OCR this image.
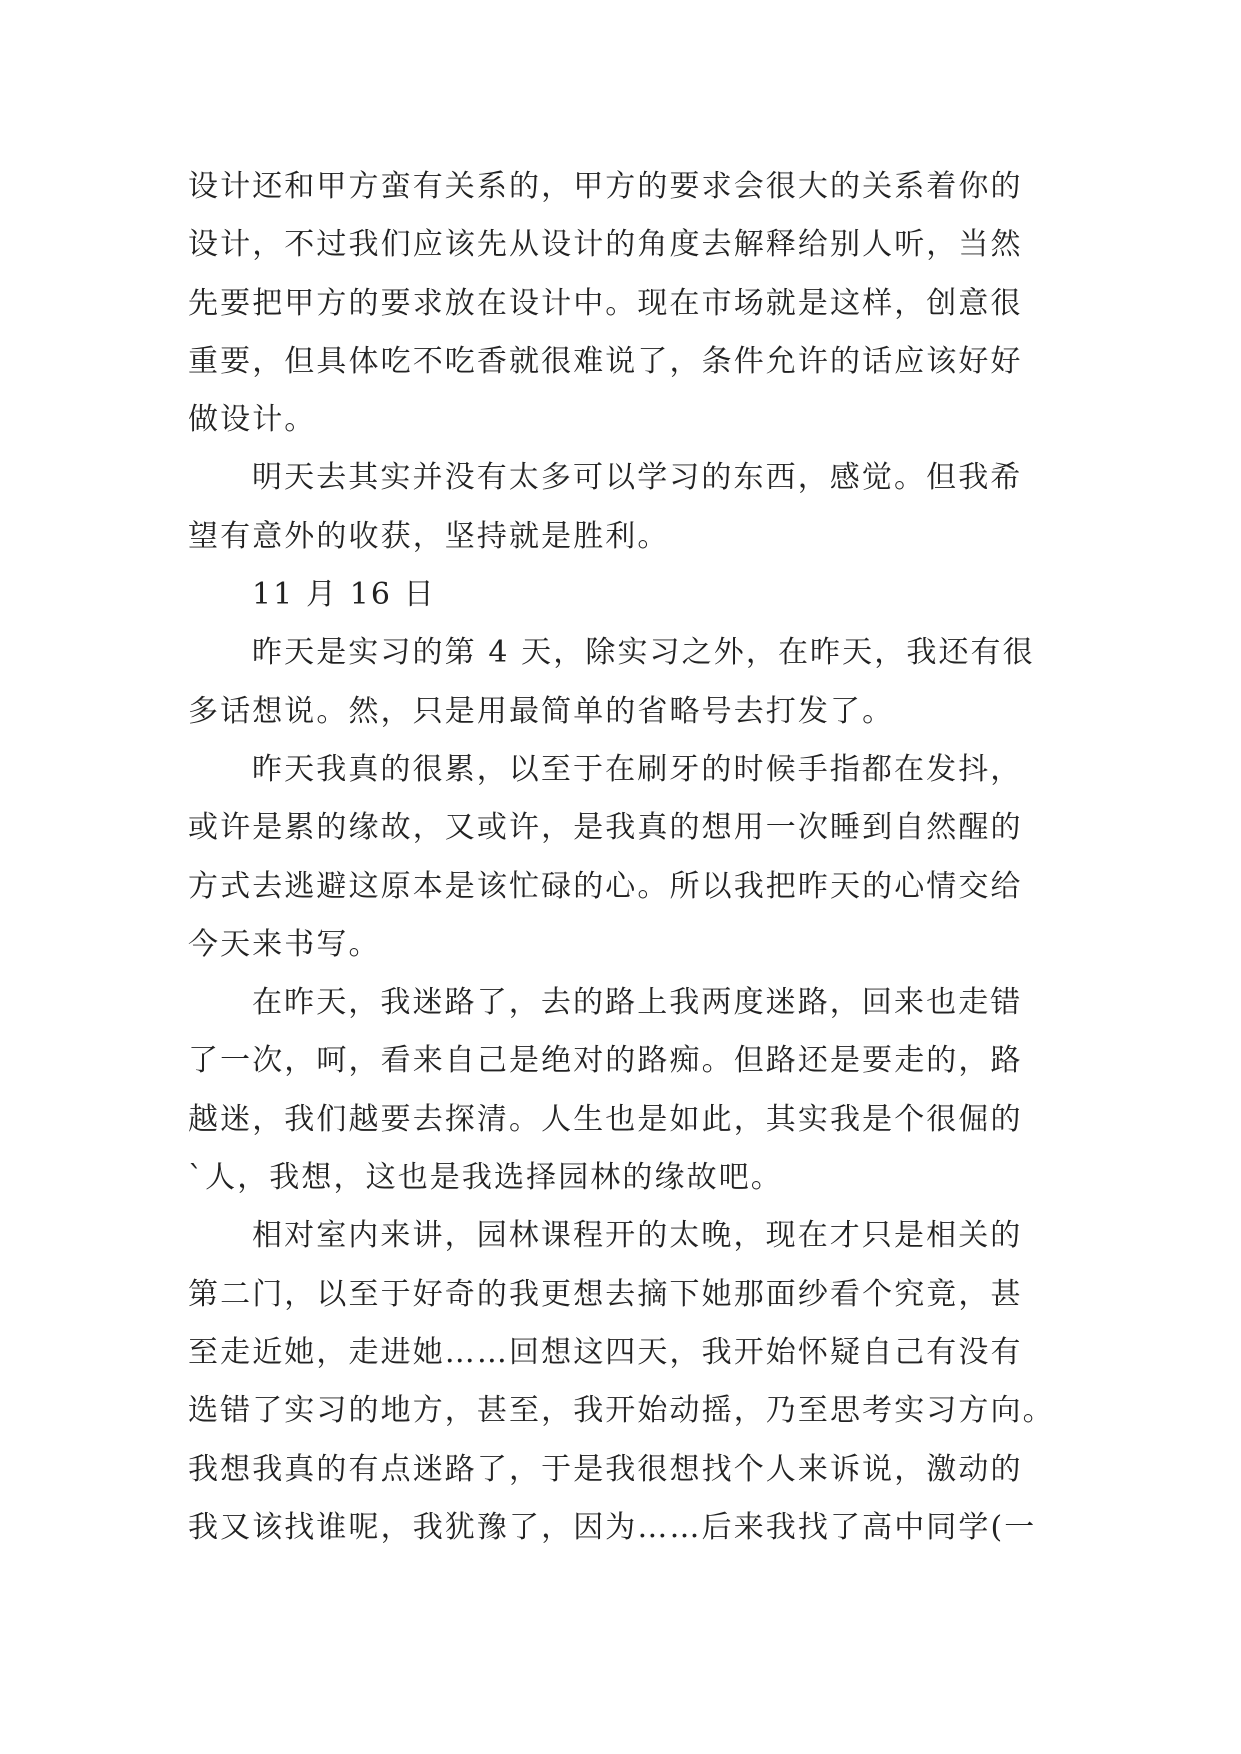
设计还和甲方蛮有关系的，甲方的要求会很大的关系着你的
设计，不过我们应该先从设计的角度去解释给别人听，当然
先要把甲方的要求放在设计中。现在市场就是这样，创意很
重要，但具体吃不吃香就很难说了，条件允许的话应该好好
做设计。

明天去其实并没有太多可以学习的东西，感觉。但我希
望有意外的收获，坚持就是胜利。

11 月 16 日

昨天是实习的第 4 天，除实习之外，在昨天，我还有很
多话想说。然，只是用最简单的省略号去打发了。

昨天我真的很累，以至于在刷牙的时候手指都在发抖，
或许是累的缘故，又或许，是我真的想用一次睡到自然醒的
方式去逃避这原本是该忙碌的心。所以我把昨天的心情交给
今天来书写。

在昨天，我迷路了，去的路上我两度迷路，回来也走错
了一次，呵，看来自己是绝对的路痴。但路还是要走的，路
越迷，我们越要去探清。人生也是如此，其实我是个很倔的
`人，我想，这也是我选择园林的缘故吧。

相对室内来讲，园林课程开的太晚，现在才只是相关的
第二门，以至于好奇的我更想去摘下她那面纱看个究竟，甚
至走近她，走进她……回想这四天，我开始怀疑自己有没有
选错了实习的地方，甚至，我开始动摇，乃至思考实习方向。
我想我真的有点迷路了，于是我很想找个人来诉说，激动的
我又该找谁呢，我犹豫了，因为……后来我找了高中同学(一
